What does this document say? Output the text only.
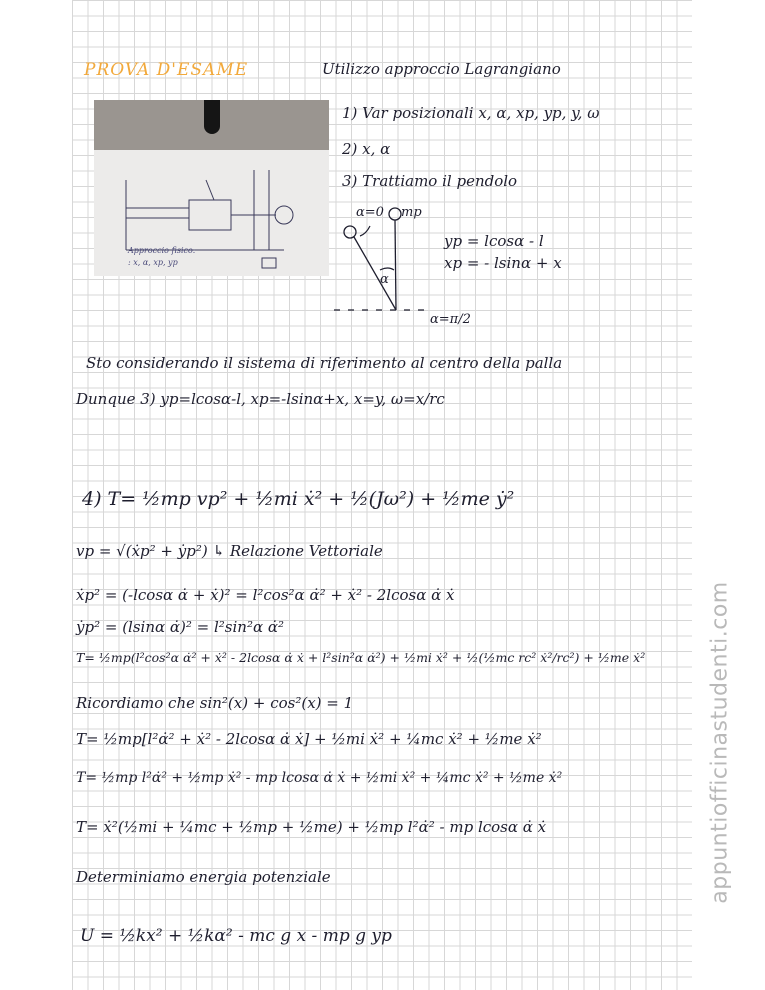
PROVA D'ESAME	Utilizzo approccio Lagrangiano
Approccio fisico:
: x, α, xp, yp
1) Var posizionali x, α, xp, yp, y, ω
2) x, α
3) Trattiamo il pendolo
α=0 mp
α
α=π/2
yp = lcosα - l
xp = - lsinα + x
Sto considerando il sistema di riferimento al centro della palla
Dunque 3) yp=lcosα-l, xp=-lsinα+x, x=y, ω=x/rc
4) T= ½mp vp² + ½mi ẋ² + ½(Jω²) + ½me ẏ²
vp = √(ẋp² + ẏp²) ↳ Relazione Vettoriale
ẋp² = (-lcosα α̇ + ẋ)² = l²cos²α α̇² + ẋ² - 2lcosα α̇ ẋ
ẏp² = (lsinα α̇)² = l²sin²α α̇²
T= ½mp(l²cos²α α̇² + ẋ² - 2lcosα α̇ ẋ + l²sin²α α̇²) + ½mi ẋ² + ½(½mc rc² ẋ²/rc²) + ½me ẋ²
Ricordiamo che sin²(x) + cos²(x) = 1
T= ½mp[l²α̇² + ẋ² - 2lcosα α̇ ẋ] + ½mi ẋ² + ¼mc ẋ² + ½me ẋ²
T= ½mp l²α̇² + ½mp ẋ² - mp lcosα α̇ ẋ + ½mi ẋ² + ¼mc ẋ² + ½me ẋ²
T= ẋ²(½mi + ¼mc + ½mp + ½me) + ½mp l²α̇² - mp lcosα α̇ ẋ
Determiniamo energia potenziale
U = ½kx² + ½kα² - mc g x - mp g yp
appuntiofficinastudenti.com
